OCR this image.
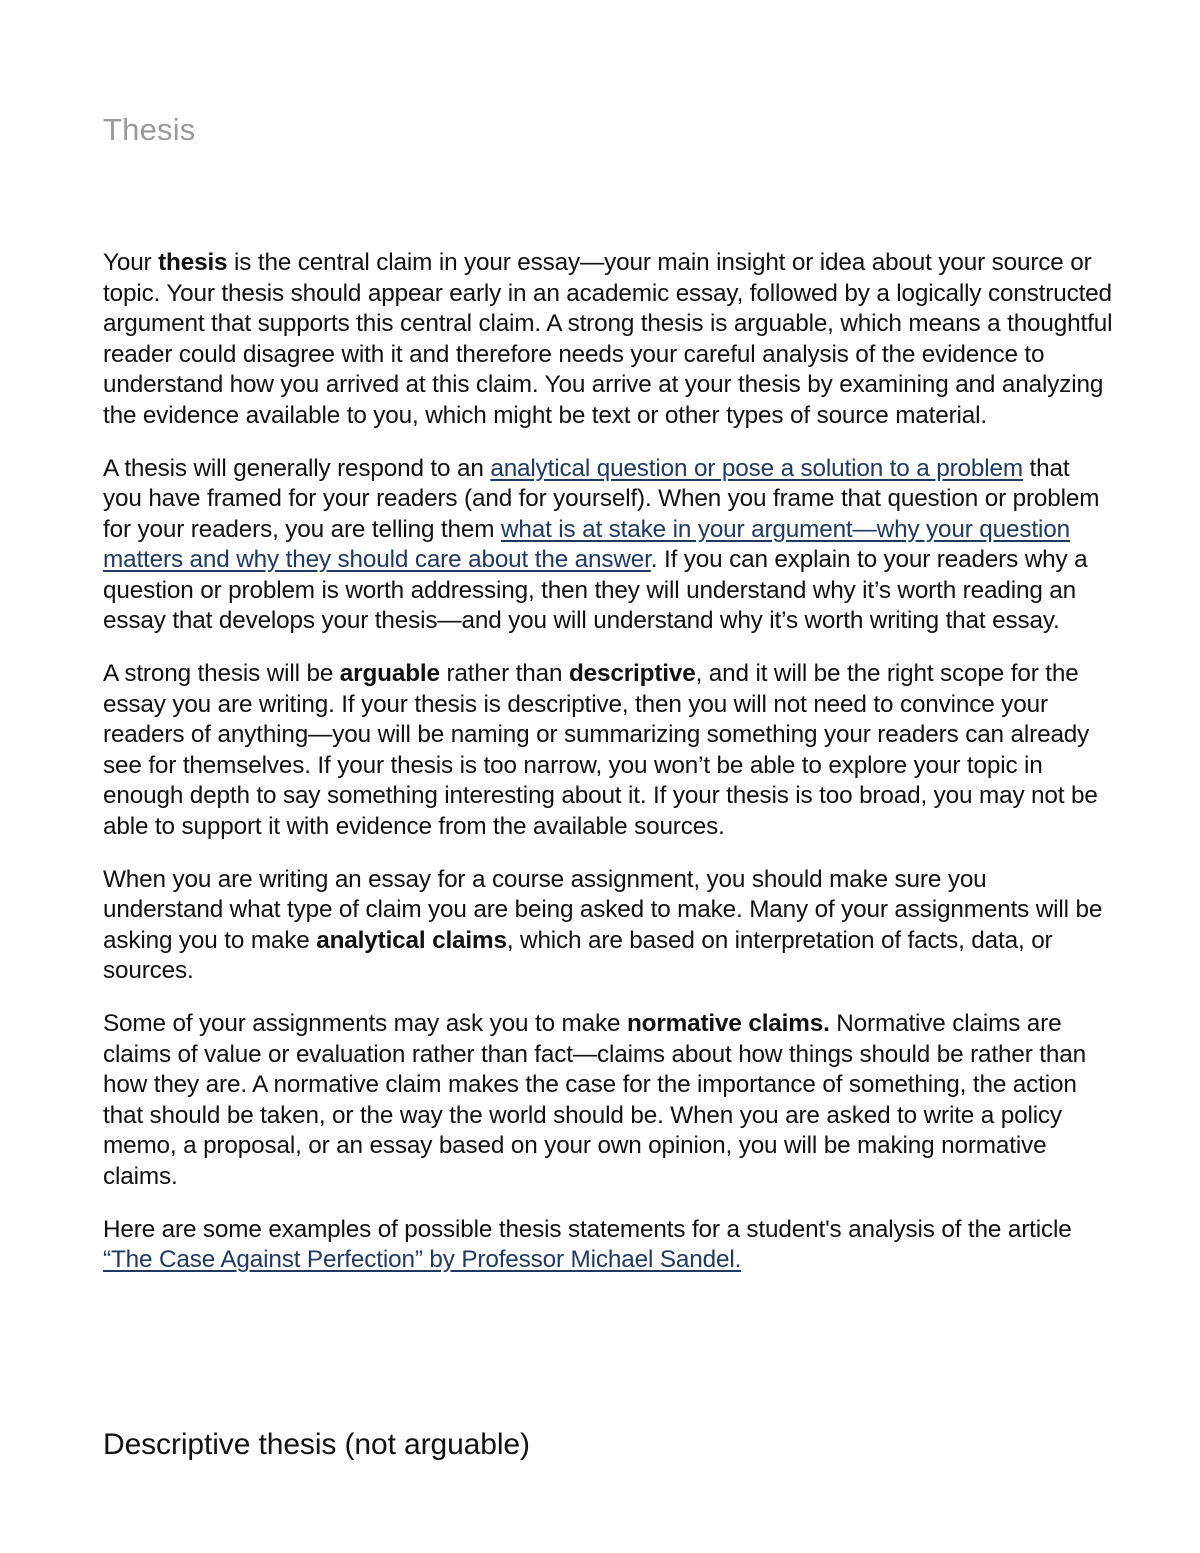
Thesis

Your thesis is the central claim in your essay—your main insight or idea about your source or topic. Your thesis should appear early in an academic essay, followed by a logically constructed argument that supports this central claim. A strong thesis is arguable, which means a thoughtful reader could disagree with it and therefore needs your careful analysis of the evidence to understand how you arrived at this claim. You arrive at your thesis by examining and analyzing the evidence available to you, which might be text or other types of source material.

A thesis will generally respond to an analytical question or pose a solution to a problem that you have framed for your readers (and for yourself). When you frame that question or problem for your readers, you are telling them what is at stake in your argument—why your question matters and why they should care about the answer. If you can explain to your readers why a question or problem is worth addressing, then they will understand why it’s worth reading an essay that develops your thesis—and you will understand why it’s worth writing that essay.

A strong thesis will be arguable rather than descriptive, and it will be the right scope for the essay you are writing. If your thesis is descriptive, then you will not need to convince your readers of anything—you will be naming or summarizing something your readers can already see for themselves. If your thesis is too narrow, you won’t be able to explore your topic in enough depth to say something interesting about it. If your thesis is too broad, you may not be able to support it with evidence from the available sources.

When you are writing an essay for a course assignment, you should make sure you understand what type of claim you are being asked to make. Many of your assignments will be asking you to make analytical claims, which are based on interpretation of facts, data, or sources.

Some of your assignments may ask you to make normative claims. Normative claims are claims of value or evaluation rather than fact—claims about how things should be rather than how they are. A normative claim makes the case for the importance of something, the action that should be taken, or the way the world should be. When you are asked to write a policy memo, a proposal, or an essay based on your own opinion, you will be making normative claims.

Here are some examples of possible thesis statements for a student's analysis of the article “The Case Against Perfection” by Professor Michael Sandel.

Descriptive thesis (not arguable)
